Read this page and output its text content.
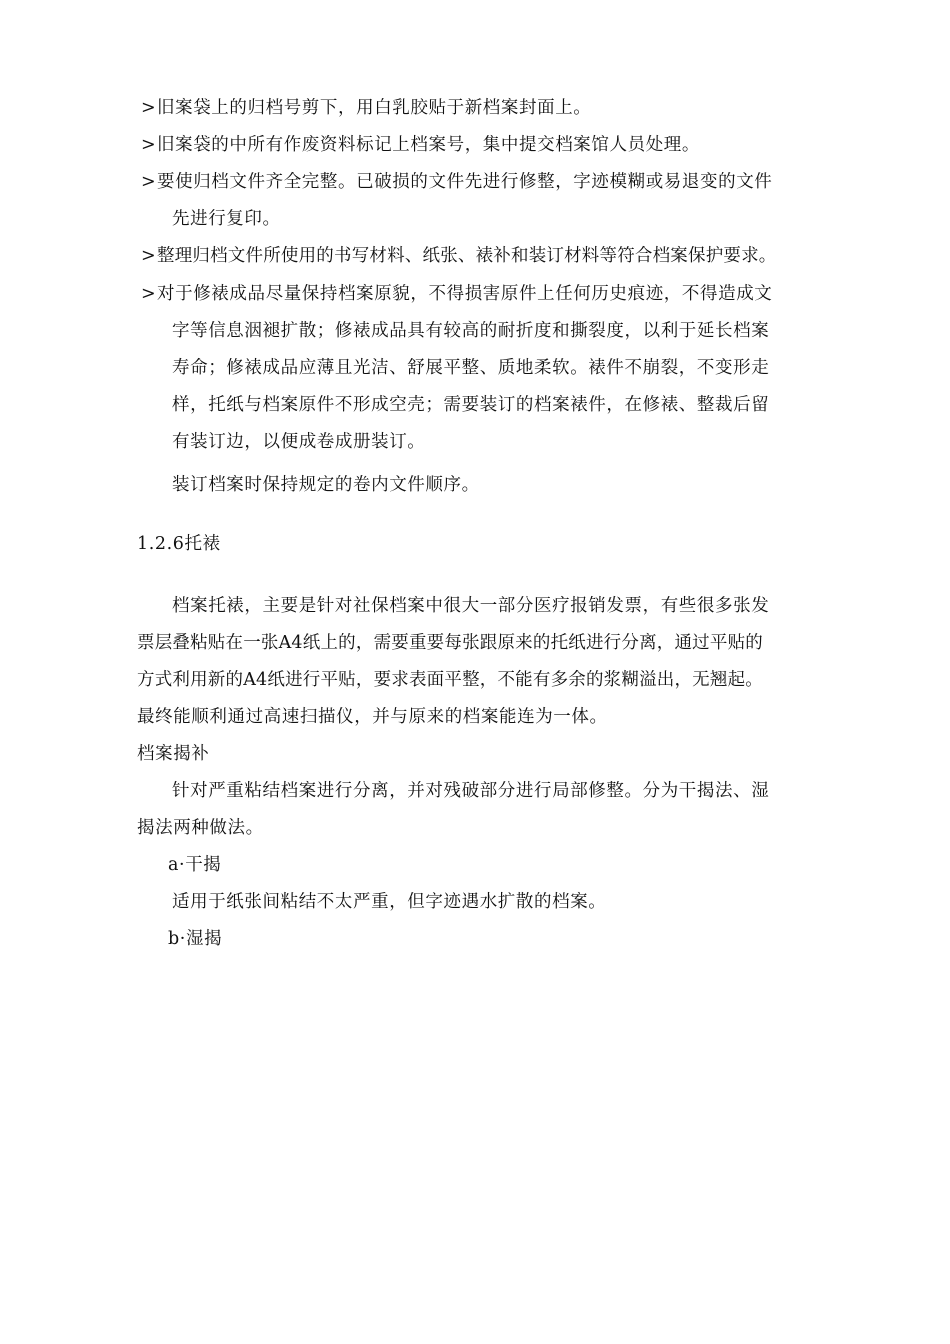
>旧案袋上的归档号剪下，用白乳胶贴于新档案封面上。
>旧案袋的中所有作废资料标记上档案号，集中提交档案馆人员处理。
>要使归档文件齐全完整。已破损的文件先进行修整，字迹模糊或易退变的文件
先进行复印。
>整理归档文件所使用的书写材料、纸张、裱补和装订材料等符合档案保护要求。
>对于修裱成品尽量保持档案原貌，不得损害原件上任何历史痕迹，不得造成文
字等信息洇褪扩散；修裱成品具有较高的耐折度和撕裂度，以利于延长档案
寿命；修裱成品应薄且光洁、舒展平整、质地柔软。裱件不崩裂，不变形走
样，托纸与档案原件不形成空壳；需要装订的档案裱件，在修裱、整裁后留
有装订边，以便成卷成册装订。
装订档案时保持规定的卷内文件顺序。
1.2.6托裱
档案托裱，主要是针对社保档案中很大一部分医疗报销发票，有些很多张发
票层叠粘贴在一张A4纸上的，需要重要每张跟原来的托纸进行分离，通过平贴的
方式利用新的A4纸进行平贴，要求表面平整，不能有多余的浆糊溢出，无翘起。
最终能顺利通过高速扫描仪，并与原来的档案能连为一体。
档案揭补
针对严重粘结档案进行分离，并对残破部分进行局部修整。分为干揭法、湿
揭法两种做法。
a·干揭
适用于纸张间粘结不太严重，但字迹遇水扩散的档案。
b·湿揭
